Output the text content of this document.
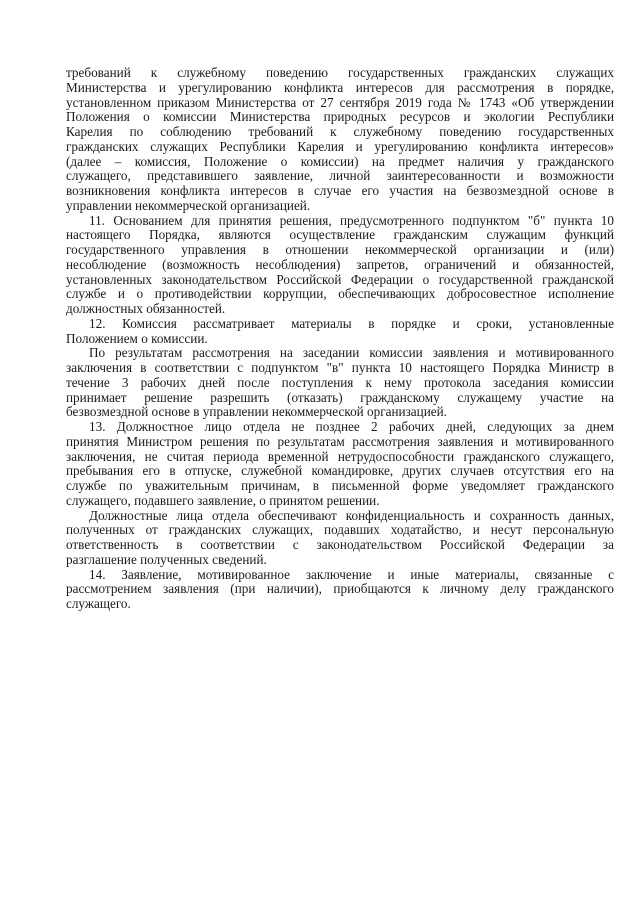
требований к служебному поведению государственных гражданских служащих
Министерства и урегулированию конфликта интересов для рассмотрения в порядке,
установленном приказом Министерства от 27 сентября 2019 года № 1743 «Об утверждении
Положения о комиссии Министерства природных ресурсов и экологии Республики
Карелия по соблюдению требований к служебному поведению государственных
гражданских служащих Республики Карелия и урегулированию конфликта интересов»
(далее – комиссия, Положение о комиссии) на предмет наличия у гражданского
служащего, представившего заявление, личной заинтересованности и возможности
возникновения конфликта интересов в случае его участия на безвозмездной основе в
управлении некоммерческой организацией.
11. Основанием для принятия решения, предусмотренного подпунктом "б" пункта 10
настоящего Порядка, являются осуществление гражданским служащим функций
государственного управления в отношении некоммерческой организации и (или)
несоблюдение (возможность несоблюдения) запретов, ограничений и обязанностей,
установленных законодательством Российской Федерации о государственной гражданской
службе и о противодействии коррупции, обеспечивающих добросовестное исполнение
должностных обязанностей.
12. Комиссия рассматривает материалы в порядке и сроки, установленные
Положением о комиссии.
По результатам рассмотрения на заседании комиссии заявления и мотивированного
заключения в соответствии с подпунктом "в" пункта 10 настоящего Порядка Министр в
течение 3 рабочих дней после поступления к нему протокола заседания комиссии
принимает решение разрешить (отказать) гражданскому служащему участие на
безвозмездной основе в управлении некоммерческой организацией.
13. Должностное лицо отдела не позднее 2 рабочих дней, следующих за днем
принятия Министром решения по результатам рассмотрения заявления и мотивированного
заключения, не считая периода временной нетрудоспособности гражданского служащего,
пребывания его в отпуске, служебной командировке, других случаев отсутствия его на
службе по уважительным причинам, в письменной форме уведомляет гражданского
служащего, подавшего заявление, о принятом решении.
Должностные лица отдела обеспечивают конфиденциальность и сохранность данных,
полученных от гражданских служащих, подавших ходатайство, и несут персональную
ответственность в соответствии с законодательством Российской Федерации за
разглашение полученных сведений.
14. Заявление, мотивированное заключение и иные материалы, связанные с
рассмотрением заявления (при наличии), приобщаются к личному делу гражданского
служащего.
